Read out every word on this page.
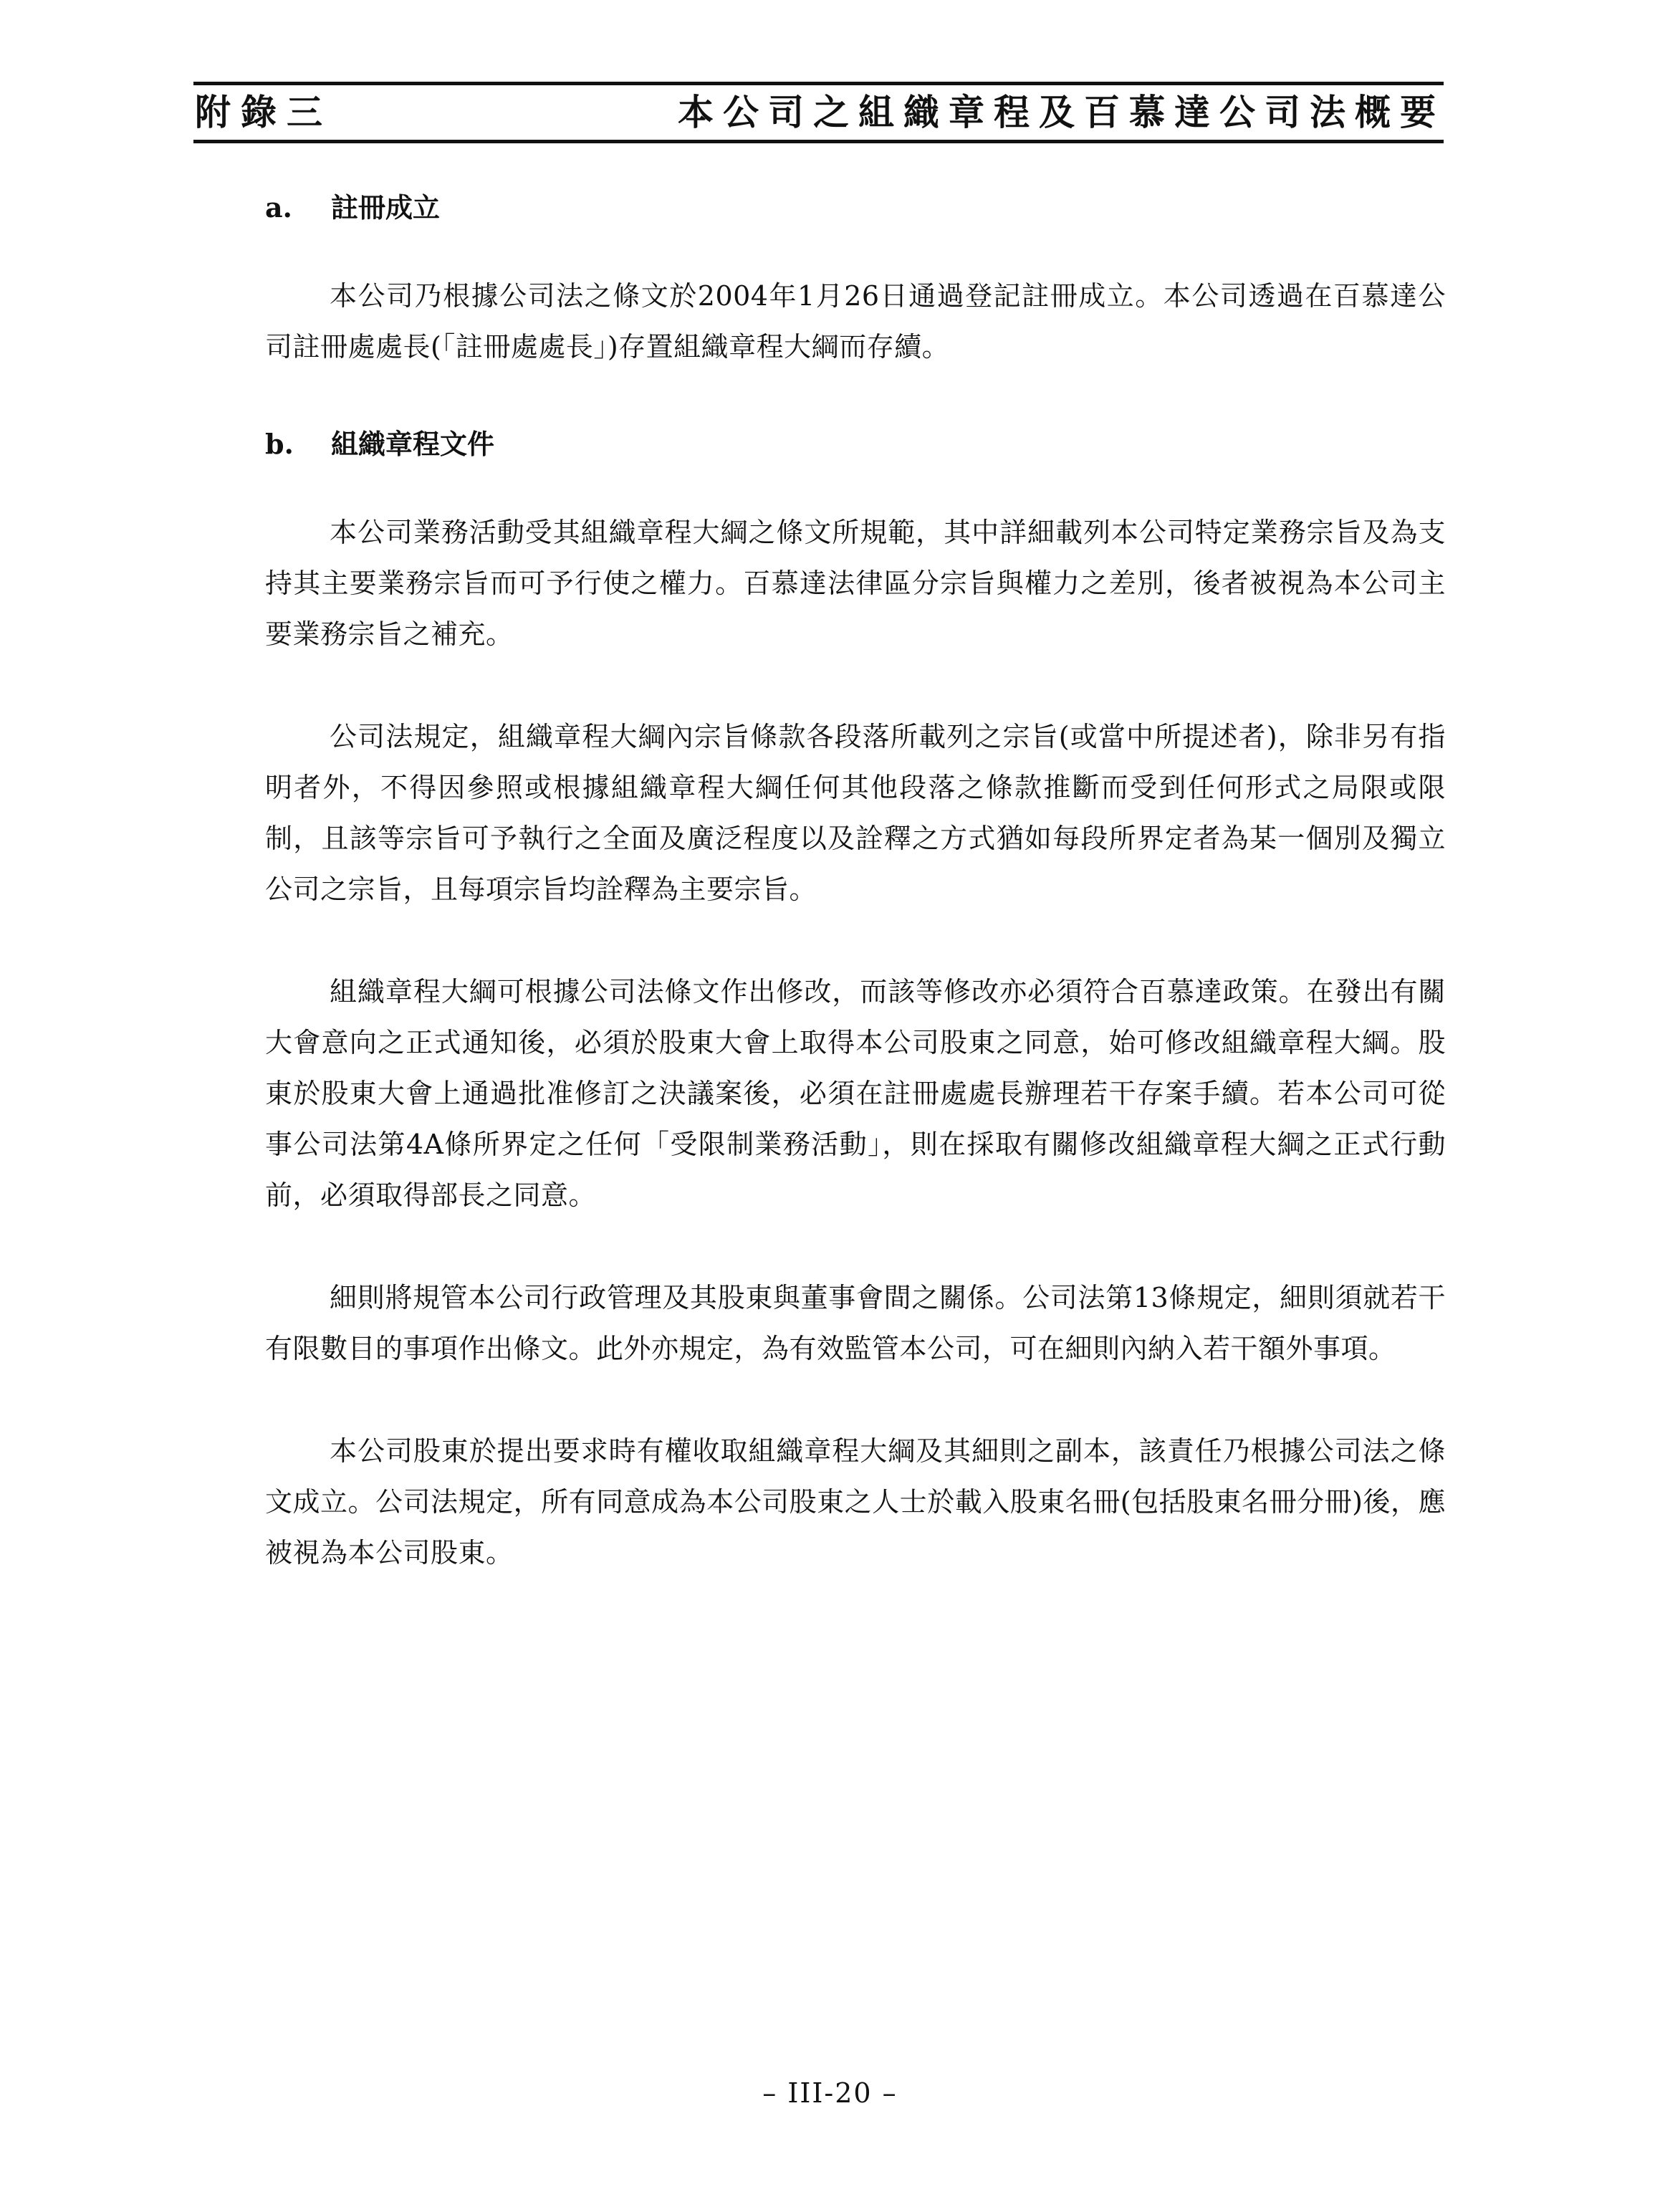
附錄三	本公司之組織章程及百慕達公司法概要
a. 註冊成立

本公司乃根據公司法之條文於2004年1月26日通過登記註冊成立。本公司透過在百慕達公司註冊處處長(「註冊處處長」)存置組織章程大綱而存續。

b. 組織章程文件

本公司業務活動受其組織章程大綱之條文所規範，其中詳細載列本公司特定業務宗旨及為支持其主要業務宗旨而可予行使之權力。百慕達法律區分宗旨與權力之差別，後者被視為本公司主要業務宗旨之補充。

公司法規定，組織章程大綱內宗旨條款各段落所載列之宗旨(或當中所提述者)，除非另有指明者外，不得因參照或根據組織章程大綱任何其他段落之條款推斷而受到任何形式之局限或限制，且該等宗旨可予執行之全面及廣泛程度以及詮釋之方式猶如每段所界定者為某一個別及獨立公司之宗旨，且每項宗旨均詮釋為主要宗旨。

組織章程大綱可根據公司法條文作出修改，而該等修改亦必須符合百慕達政策。在發出有關大會意向之正式通知後，必須於股東大會上取得本公司股東之同意，始可修改組織章程大綱。股東於股東大會上通過批准修訂之決議案後，必須在註冊處處長辦理若干存案手續。若本公司可從事公司法第4A條所界定之任何「受限制業務活動」，則在採取有關修改組織章程大綱之正式行動前，必須取得部長之同意。

細則將規管本公司行政管理及其股東與董事會間之關係。公司法第13條規定，細則須就若干有限數目的事項作出條文。此外亦規定，為有效監管本公司，可在細則內納入若干額外事項。

本公司股東於提出要求時有權收取組織章程大綱及其細則之副本，該責任乃根據公司法之條文成立。公司法規定，所有同意成為本公司股東之人士於載入股東名冊(包括股東名冊分冊)後，應被視為本公司股東。

– III-20 –
